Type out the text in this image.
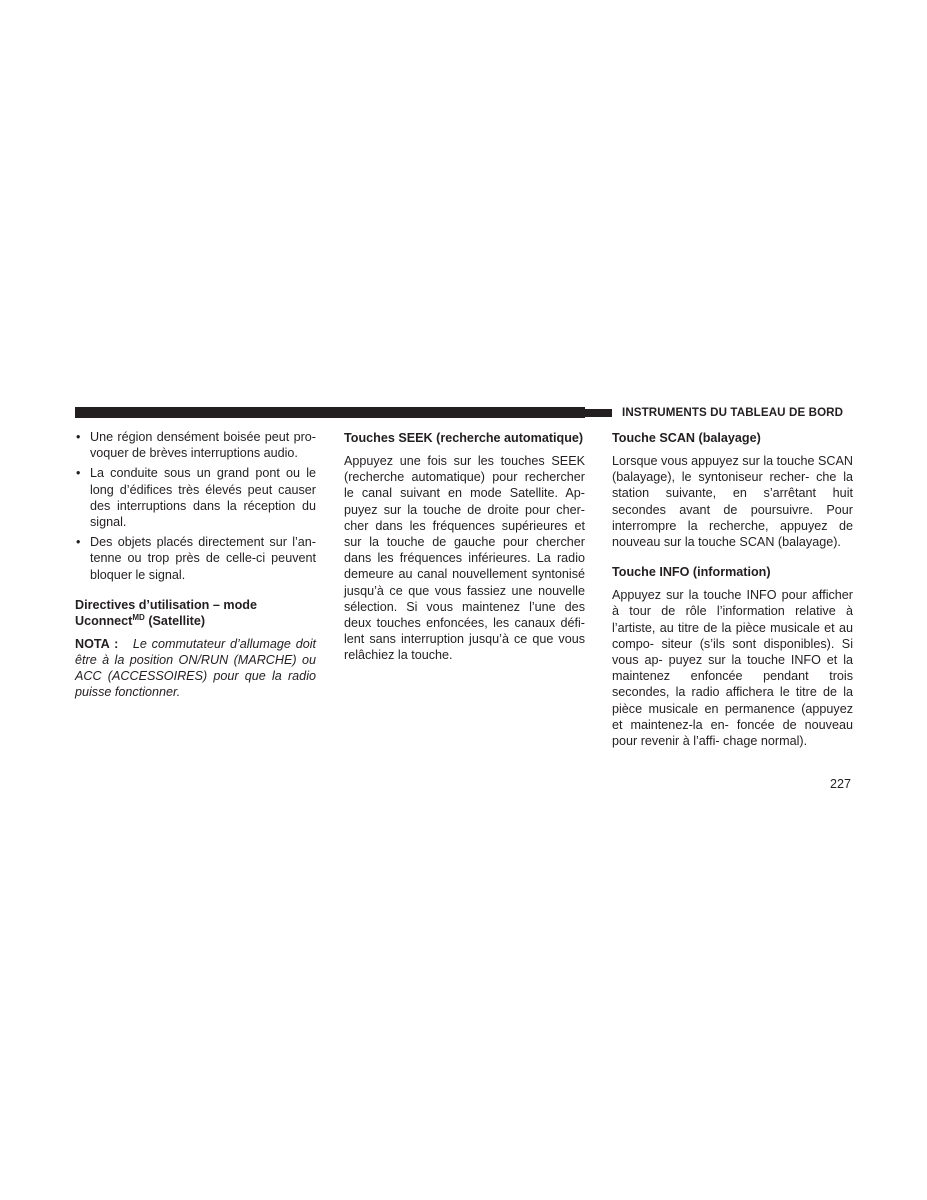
INSTRUMENTS DU TABLEAU DE BORD
• Une région densément boisée peut pro- voquer de brèves interruptions audio.
• La conduite sous un grand pont ou le long d’édifices très élevés peut causer des interruptions dans la réception du signal.
• Des objets placés directement sur l’an- tenne ou trop près de celle-ci peuvent bloquer le signal.
Directives d’utilisation – mode
Uconnect$^{MD}$ (Satellite)

NOTA : Le commutateur d’allumage doit être à la position ON/RUN (MARCHE) ou ACC (ACCESSOIRES) pour que la radio puisse fonctionner.

Touches SEEK (recherche automatique)

Appuyez une fois sur les touches SEEK (recherche automatique) pour rechercher le canal suivant en mode Satellite. Ap- puyez sur la touche de droite pour cher- cher dans les fréquences supérieures et sur la touche de gauche pour chercher dans les fréquences inférieures. La radio demeure au canal nouvellement syntonisé jusqu’à ce que vous fassiez une nouvelle sélection. Si vous maintenez l’une des deux touches enfoncées, les canaux défi- lent sans interruption jusqu’à ce que vous relâchiez la touche.

Touche SCAN (balayage)

Lorsque vous appuyez sur la touche SCAN (balayage), le syntoniseur recher- che la station suivante, en s’arrêtant huit secondes avant de poursuivre. Pour interrompre la recherche, appuyez de nouveau sur la touche SCAN (balayage).

Touche INFO (information)

Appuyez sur la touche INFO pour afficher à tour de rôle l’information relative à l’artiste, au titre de la pièce musicale et au compo- siteur (s’ils sont disponibles). Si vous ap- puyez sur la touche INFO et la maintenez enfoncée pendant trois secondes, la radio affichera le titre de la pièce musicale en permanence (appuyez et maintenez-la en- foncée de nouveau pour revenir à l’affi- chage normal).

227
